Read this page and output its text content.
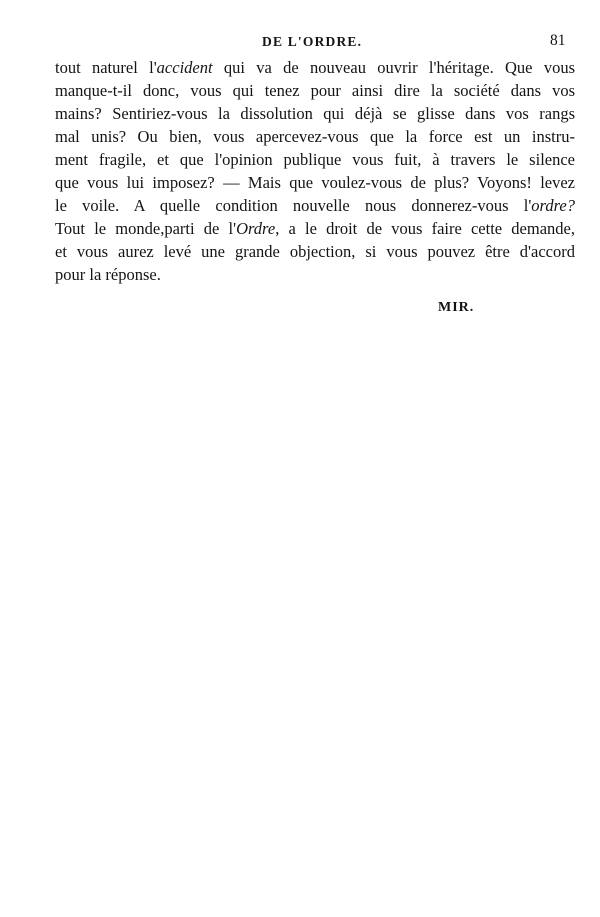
DE L'ORDRE.	81
tout naturel l'accident qui va de nouveau ouvrir l'héritage. Que vous
manque-t-il donc, vous qui tenez pour ainsi dire la société dans vos
mains? Sentiriez-vous la dissolution qui déjà se glisse dans vos rangs
mal unis? Ou bien, vous apercevez-vous que la force est un instru-
ment fragile, et que l'opinion publique vous fuit, à travers le silence
que vous lui imposez? — Mais que voulez-vous de plus? Voyons! levez
le voile. A quelle condition nouvelle nous donnerez-vous l'ordre?
Tout le monde,parti de l'Ordre, a le droit de vous faire cette demande,
et vous aurez levé une grande objection, si vous pouvez être d'accord
pour la réponse.
MIR.
